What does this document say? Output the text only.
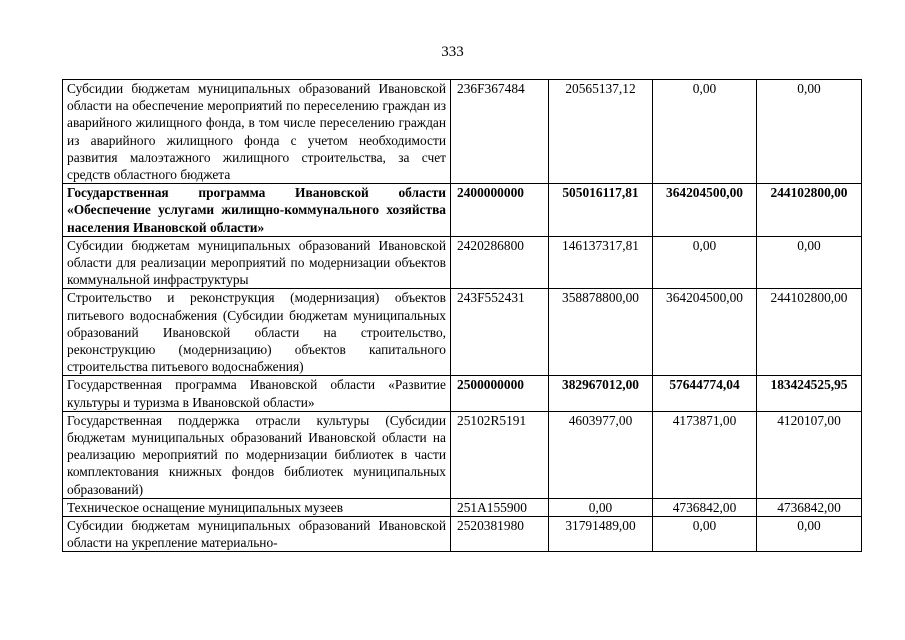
333
Субсидии бюджетам муниципальных образований Ивановской области на обеспечение мероприятий по переселению граждан из аварийного жилищного фонда, в том числе переселению граждан из аварийного жилищного фонда с учетом необходимости развития малоэтажного жилищного строительства, за счет средств областного бюджета	236F367484	20565137,12	0,00	0,00
Государственная программа Ивановской области «Обеспечение услугами жилищно-коммунального хозяйства населения Ивановской области»	2400000000	505016117,81	364204500,00	244102800,00
Субсидии бюджетам муниципальных образований Ивановской области для реализации мероприятий по модернизации объектов коммунальной инфраструктуры	2420286800	146137317,81	0,00	0,00
Строительство и реконструкция (модернизация) объектов питьевого водоснабжения (Субсидии бюджетам муниципальных образований Ивановской области на строительство, реконструкцию (модернизацию) объектов капитального строительства питьевого водоснабжения)	243F552431	358878800,00	364204500,00	244102800,00
Государственная программа Ивановской области «Развитие культуры и туризма в Ивановской области»	2500000000	382967012,00	57644774,04	183424525,95
Государственная поддержка отрасли культуры (Субсидии бюджетам муниципальных образований Ивановской области на реализацию мероприятий по модернизации библиотек в части комплектования книжных фондов библиотек муниципальных образований)	25102R5191	4603977,00	4173871,00	4120107,00
Техническое оснащение муниципальных музеев	251A155900	0,00	4736842,00	4736842,00
Субсидии бюджетам муниципальных образований Ивановской области на укрепление материально-	2520381980	31791489,00	0,00	0,00
